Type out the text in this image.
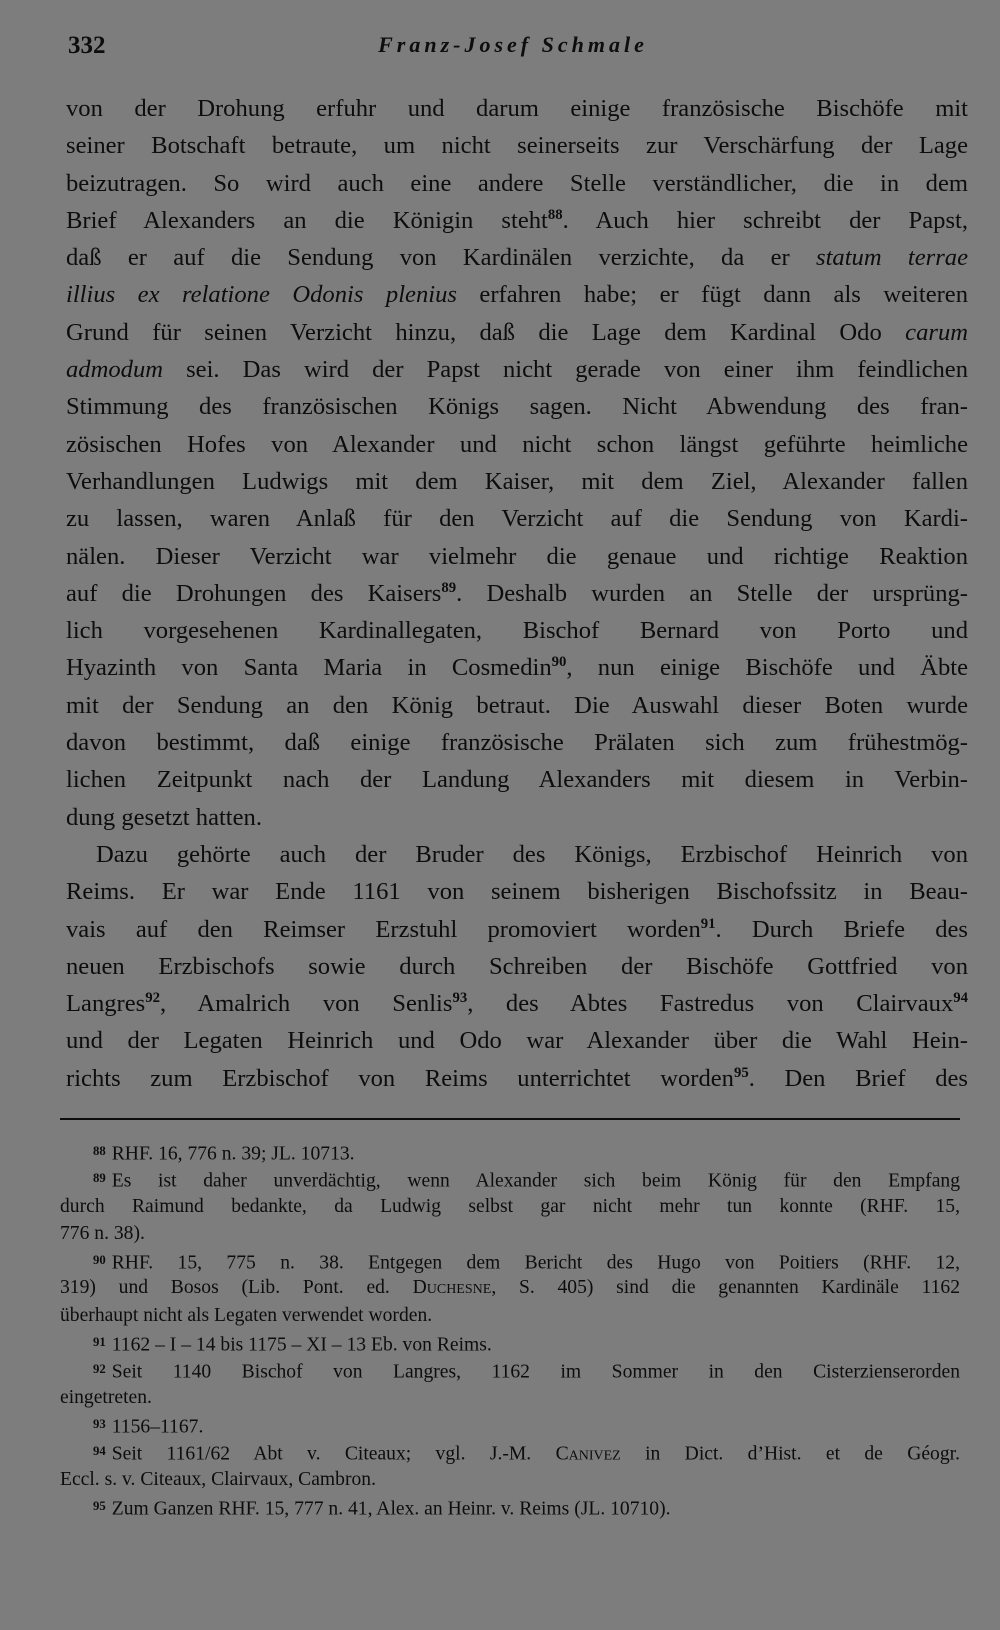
332	Franz-Josef Schmale
von der Drohung erfuhr und darum einige französische Bischöfe mit
seiner Botschaft betraute, um nicht seinerseits zur Verschärfung der Lage
beizutragen. So wird auch eine andere Stelle verständlicher, die in dem
Brief Alexanders an die Königin steht$^{88}$. Auch hier schreibt der Papst,
daß er auf die Sendung von Kardinälen verzichte, da er statum terrae
illius ex relatione Odonis plenius erfahren habe; er fügt dann als weiteren
Grund für seinen Verzicht hinzu, daß die Lage dem Kardinal Odo carum
admodum sei. Das wird der Papst nicht gerade von einer ihm feindlichen
Stimmung des französischen Königs sagen. Nicht Abwendung des fran-
zösischen Hofes von Alexander und nicht schon längst geführte heimliche
Verhandlungen Ludwigs mit dem Kaiser, mit dem Ziel, Alexander fallen
zu lassen, waren Anlaß für den Verzicht auf die Sendung von Kardi-
nälen. Dieser Verzicht war vielmehr die genaue und richtige Reaktion
auf die Drohungen des Kaisers$^{89}$. Deshalb wurden an Stelle der ursprüng-
lich vorgesehenen Kardinallegaten, Bischof Bernard von Porto und
Hyazinth von Santa Maria in Cosmedin$^{90}$, nun einige Bischöfe und Äbte
mit der Sendung an den König betraut. Die Auswahl dieser Boten wurde
davon bestimmt, daß einige französische Prälaten sich zum frühestmög-
lichen Zeitpunkt nach der Landung Alexanders mit diesem in Verbin-
dung gesetzt hatten.
Dazu gehörte auch der Bruder des Königs, Erzbischof Heinrich von
Reims. Er war Ende 1161 von seinem bisherigen Bischofssitz in Beau-
vais auf den Reimser Erzstuhl promoviert worden$^{91}$. Durch Briefe des
neuen Erzbischofs sowie durch Schreiben der Bischöfe Gottfried von
Langres$^{92}$, Amalrich von Senlis$^{93}$, des Abtes Fastredus von Clairvaux$^{94}$
und der Legaten Heinrich und Odo war Alexander über die Wahl Hein-
richts zum Erzbischof von Reims unterrichtet worden$^{95}$. Den Brief des
$^{88}$ RHF. 16, 776 n. 39; JL. 10713.
$^{89}$ Es ist daher unverdächtig, wenn Alexander sich beim König für den Empfang
durch Raimund bedankte, da Ludwig selbst gar nicht mehr tun konnte (RHF. 15,
776 n. 38).
$^{90}$ RHF. 15, 775 n. 38. Entgegen dem Bericht des Hugo von Poitiers (RHF. 12,
319) und Bosos (Lib. Pont. ed. Duchesne, S. 405) sind die genannten Kardinäle 1162
überhaupt nicht als Legaten verwendet worden.
$^{91}$ 1162 – I – 14 bis 1175 – XI – 13 Eb. von Reims.
$^{92}$ Seit 1140 Bischof von Langres, 1162 im Sommer in den Cisterzienserorden
eingetreten.
$^{93}$ 1156–1167.
$^{94}$ Seit 1161/62 Abt v. Citeaux; vgl. J.-M. Canivez in Dict. d’Hist. et de Géogr.
Eccl. s. v. Citeaux, Clairvaux, Cambron.
$^{95}$ Zum Ganzen RHF. 15, 777 n. 41, Alex. an Heinr. v. Reims (JL. 10710).
